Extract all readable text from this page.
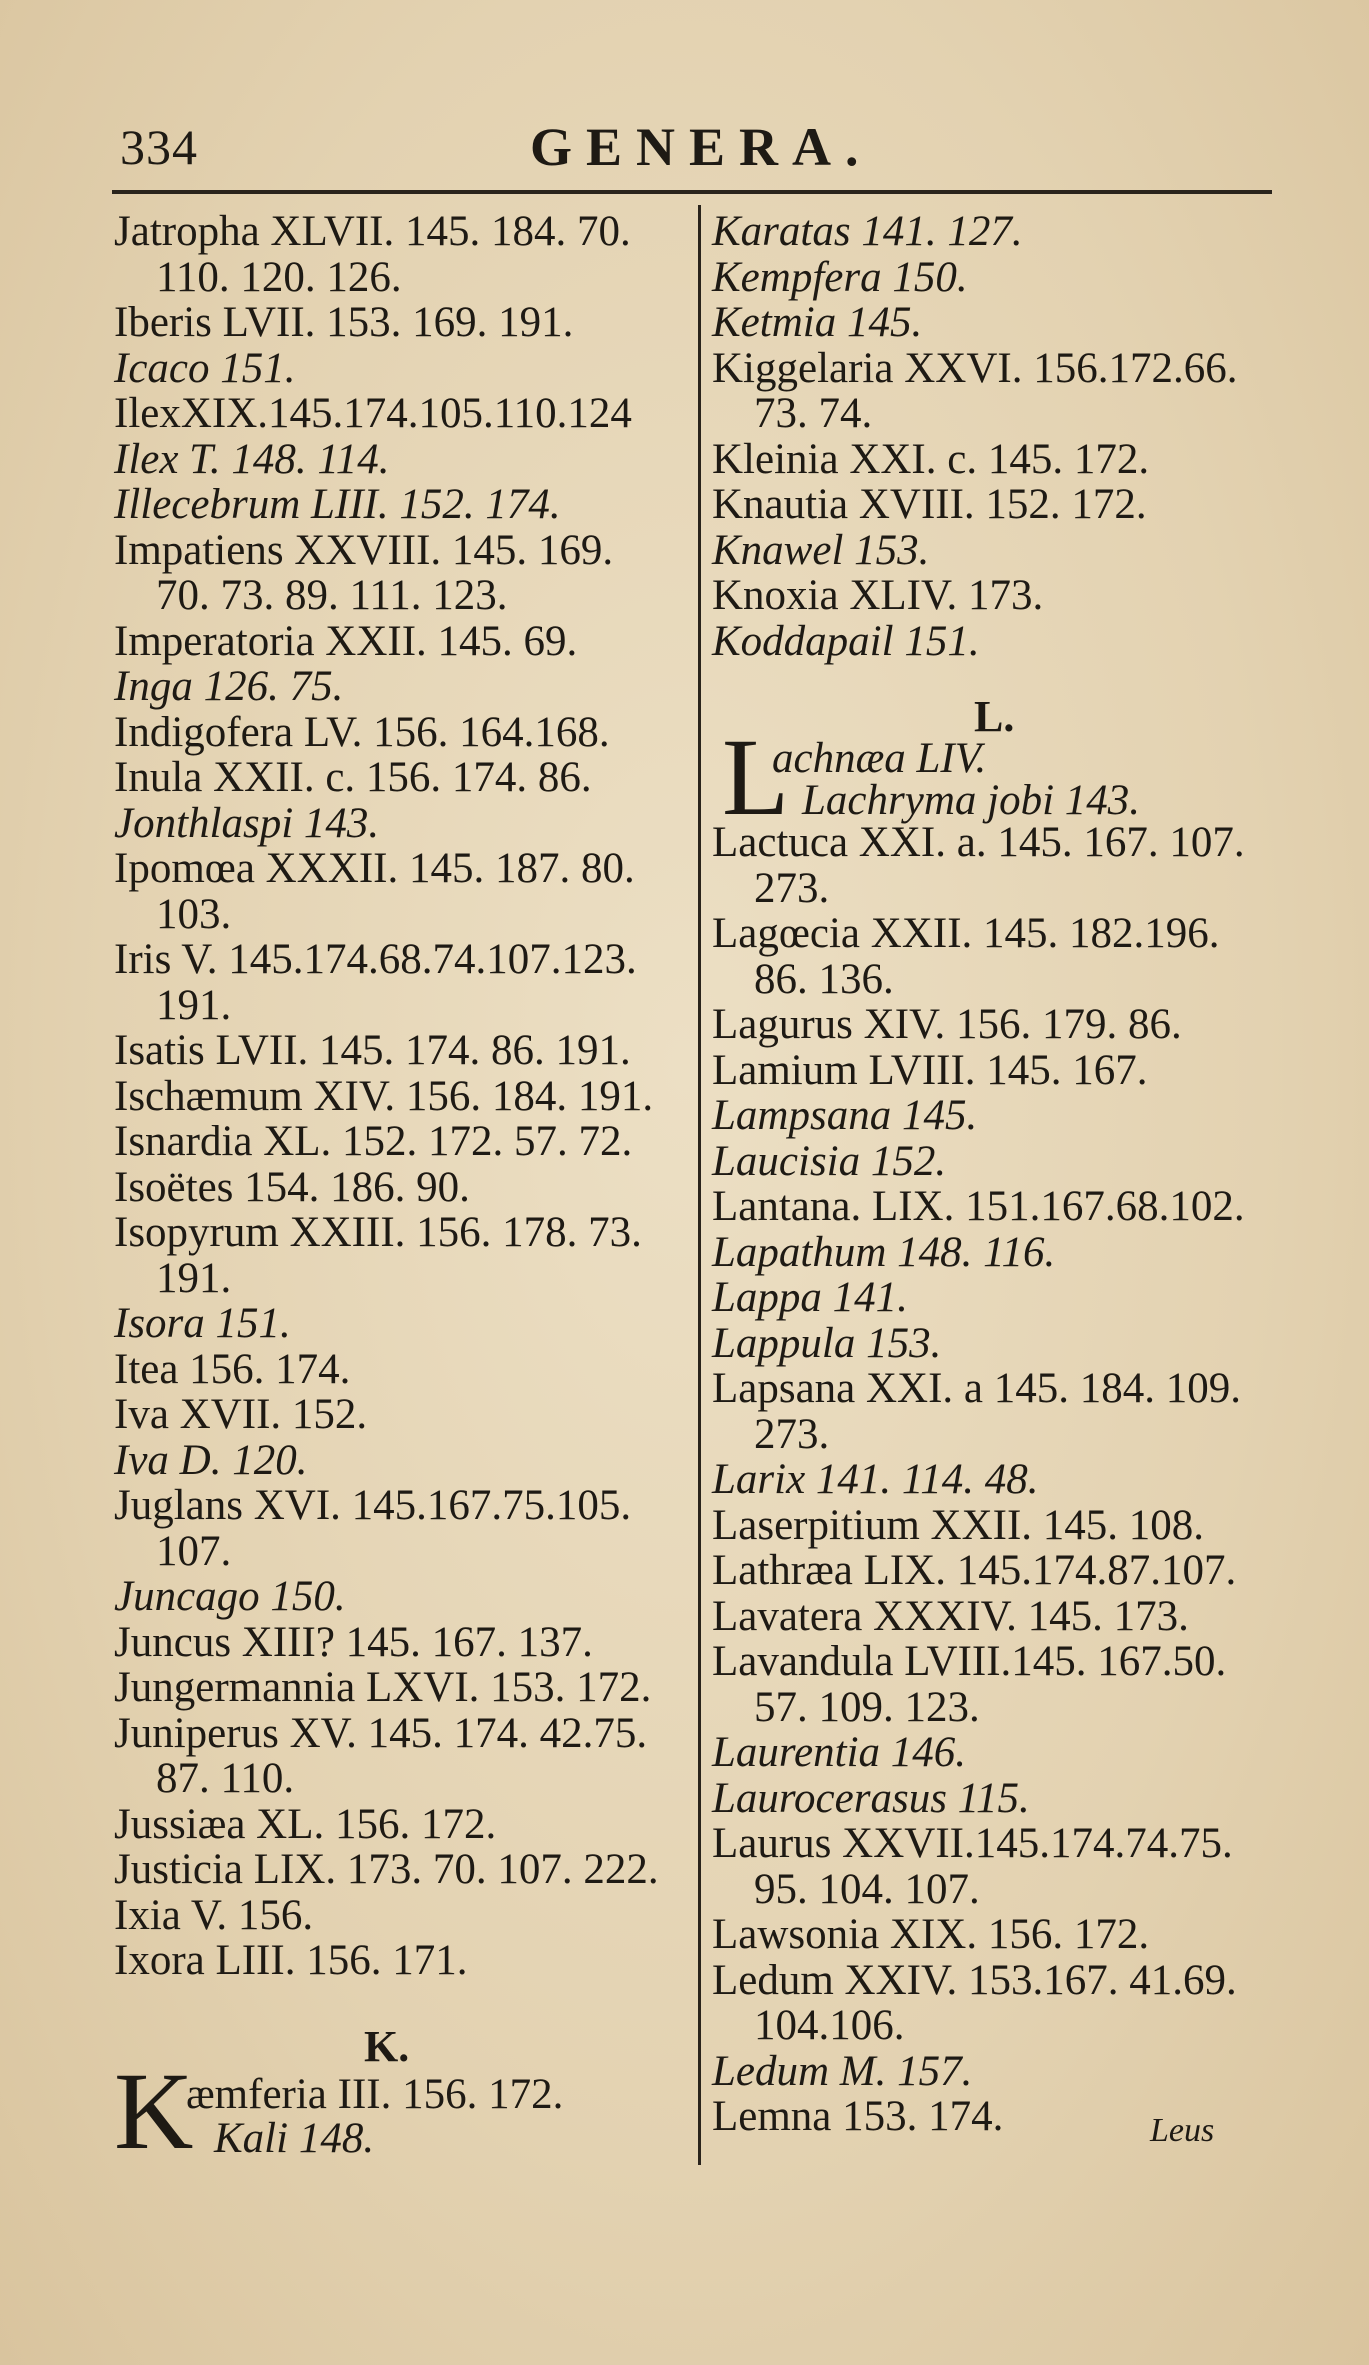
334	GENERA.
Jatropha XLVII. 145. 184. 70.
110. 120. 126.
Iberis LVII. 153. 169. 191.
Icaco 151.
IlexXIX.145.174.105.110.124
Ilex T. 148. 114.
Illecebrum LIII. 152. 174.
Impatiens XXVIII. 145. 169.
70. 73. 89. 111. 123.
Imperatoria XXII. 145. 69.
Inga 126. 75.
Indigofera LV. 156. 164.168.
Inula XXII. c. 156. 174. 86.
Jonthlaspi 143.
Ipomœa XXXII. 145. 187. 80.
103.
Iris V. 145.174.68.74.107.123.
191.
Isatis LVII. 145. 174. 86. 191.
Ischæmum XIV. 156. 184. 191.
Isnardia XL. 152. 172. 57. 72.
Isoëtes 154. 186. 90.
Isopyrum XXIII. 156. 178. 73.
191.
Isora 151.
Itea 156. 174.
Iva XVII. 152.
Iva D. 120.
Juglans XVI. 145.167.75.105.
107.
Juncago 150.
Juncus XIII? 145. 167. 137.
Jungermannia LXVI. 153. 172.
Juniperus XV. 145. 174. 42.75.
87. 110.
Jussiæa XL. 156. 172.
Justicia LIX. 173. 70. 107. 222.
Ixia V. 156.
Ixora LIII. 156. 171.
K.
K
æmferia III. 156. 172.
Kali 148.
Karatas 141. 127.
Kempfera 150.
Ketmia 145.
Kiggelaria XXVI. 156.172.66.
73. 74.
Kleinia XXI. c. 145. 172.
Knautia XVIII. 152. 172.
Knawel 153.
Knoxia XLIV. 173.
Koddapail 151.
L.
L
achnæa LIV.
Lachryma jobi 143.
Lactuca XXI. a. 145. 167. 107.
273.
Lagœcia XXII. 145. 182.196.
86. 136.
Lagurus XIV. 156. 179. 86.
Lamium LVIII. 145. 167.
Lampsana 145.
Laucisia 152.
Lantana. LIX. 151.167.68.102.
Lapathum 148. 116.
Lappa 141.
Lappula 153.
Lapsana XXI. a 145. 184. 109.
273.
Larix 141. 114. 48.
Laserpitium XXII. 145. 108.
Lathræa LIX. 145.174.87.107.
Lavatera XXXIV. 145. 173.
Lavandula LVIII.145. 167.50.
57. 109. 123.
Laurentia 146.
Laurocerasus 115.
Laurus XXVII.145.174.74.75.
95. 104. 107.
Lawsonia XIX. 156. 172.
Ledum XXIV. 153.167. 41.69.
104.106.
Ledum M. 157.
Lemna 153. 174.	Leus
